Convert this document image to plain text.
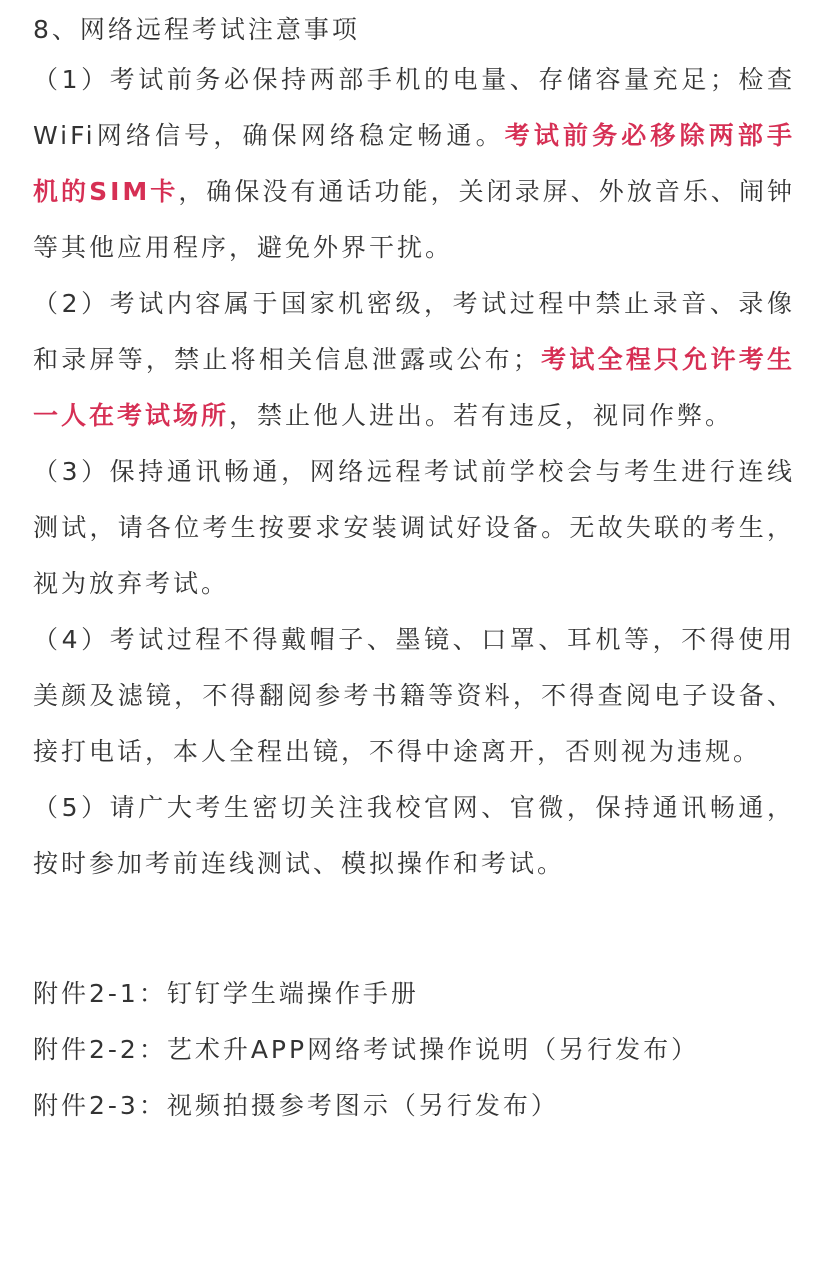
8、网络远程考试注意事项

（1）考试前务必保持两部手机的电量、存储容量充足；检查WiFi网络信号，确保网络稳定畅通。考试前务必移除两部手机的SIM卡，确保没有通话功能，关闭录屏、外放音乐、闹钟等其他应用程序，避免外界干扰。

（2）考试内容属于国家机密级，考试过程中禁止录音、录像和录屏等，禁止将相关信息泄露或公布；考试全程只允许考生一人在考试场所，禁止他人进出。若有违反，视同作弊。

（3）保持通讯畅通，网络远程考试前学校会与考生进行连线测试，请各位考生按要求安装调试好设备。无故失联的考生，视为放弃考试。

（4）考试过程不得戴帽子、墨镜、口罩、耳机等，不得使用美颜及滤镜，不得翻阅参考书籍等资料，不得查阅电子设备、接打电话，本人全程出镜，不得中途离开，否则视为违规。

（5）请广大考生密切关注我校官网、官微，保持通讯畅通，按时参加考前连线测试、模拟操作和考试。

附件2-1：钉钉学生端操作手册
附件2-2：艺术升APP网络考试操作说明（另行发布）
附件2-3：视频拍摄参考图示（另行发布）
